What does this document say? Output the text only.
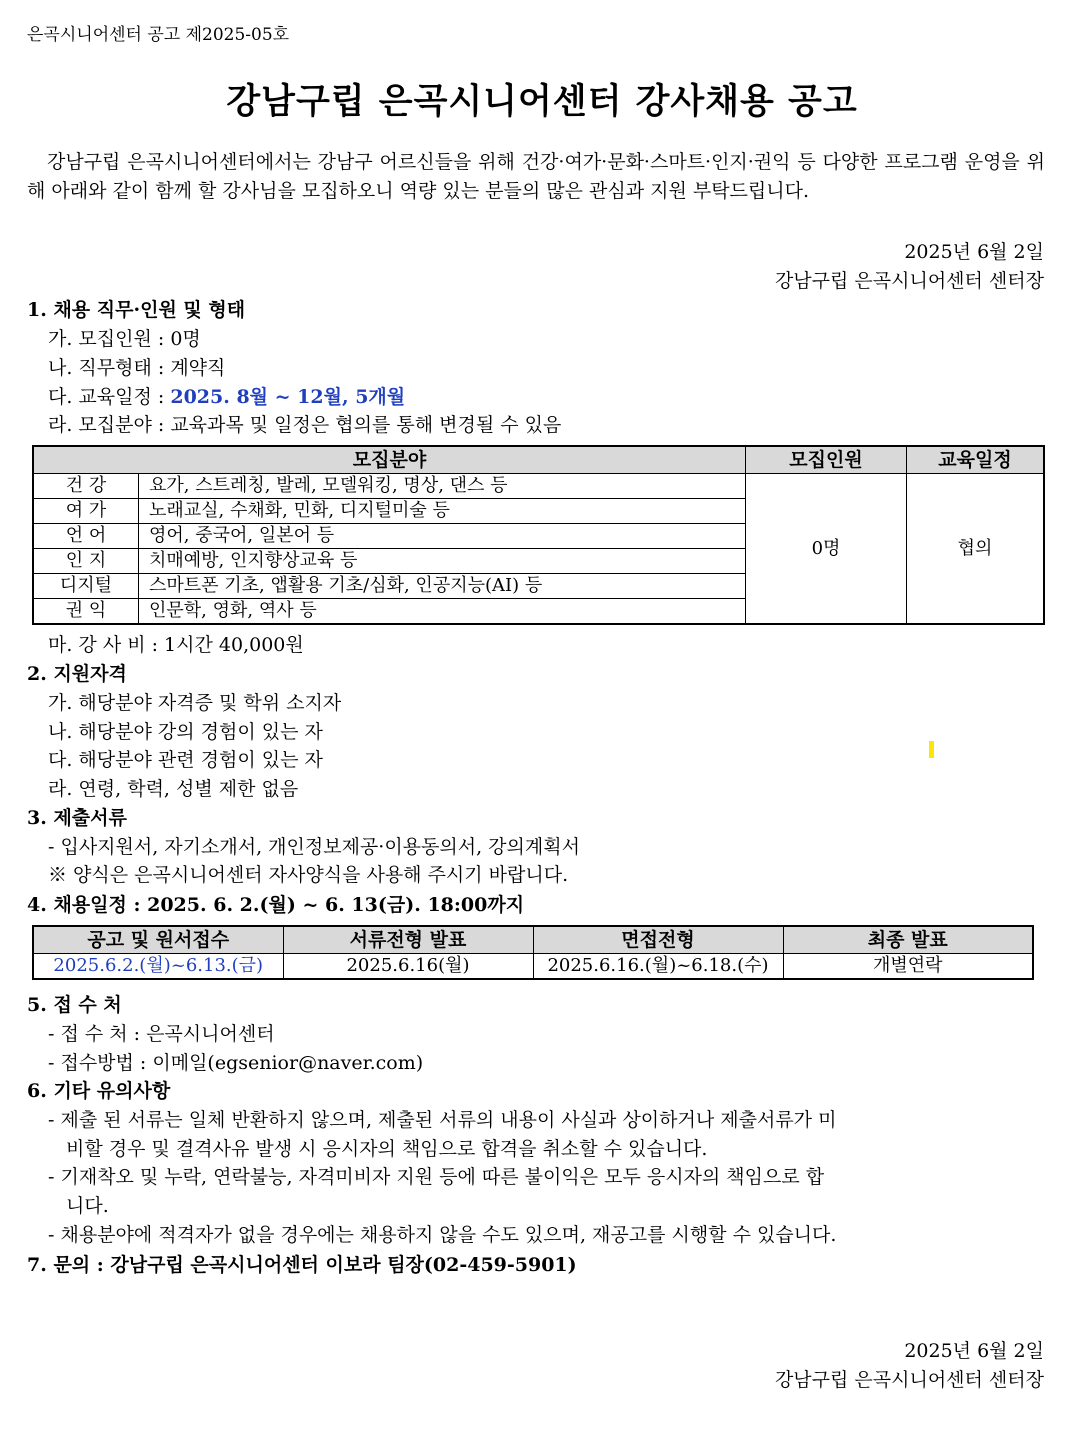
은곡시니어센터 공고 제2025-05호
강남구립 은곡시니어센터 강사채용 공고
강남구립 은곡시니어센터에서는 강남구 어르신들을 위해 건강·여가·문화·스마트·인지·권익 등 다양한 프로그램 운영을 위해 아래와 같이 함께 할 강사님을 모집하오니 역량 있는 분들의 많은 관심과 지원 부탁드립니다.
2025년 6월 2일
강남구립 은곡시니어센터 센터장
1. 채용 직무·인원 및 형태
가. 모집인원 : 0명
나. 직무형태 : 계약직
다. 교육일정 : 2025. 8월 ~ 12월, 5개월
라. 모집분야 : 교육과목 및 일정은 협의를 통해 변경될 수 있음
모집분야		모집인원	교육일정
건 강	요가, 스트레칭, 발레, 모델워킹, 명상, 댄스 등	0명	협의
여 가	노래교실, 수채화, 민화, 디지털미술 등		
언 어	영어, 중국어, 일본어 등		
인 지	치매예방, 인지향상교육 등		
디지털	스마트폰 기초, 앱활용 기초/심화, 인공지능(AI) 등		
권 익	인문학, 영화, 역사 등		
마. 강 사 비 : 1시간 40,000원
2. 지원자격
가. 해당분야 자격증 및 학위 소지자
나. 해당분야 강의 경험이 있는 자
다. 해당분야 관련 경험이 있는 자
라. 연령, 학력, 성별 제한 없음
3. 제출서류
- 입사지원서, 자기소개서, 개인정보제공·이용동의서, 강의계획서
※ 양식은 은곡시니어센터 자사양식을 사용해 주시기 바랍니다.
4. 채용일정 : 2025. 6. 2.(월) ~ 6. 13(금). 18:00까지
공고 및 원서접수	서류전형 발표	면접전형	최종 발표
2025.6.2.(월)~6.13.(금)	2025.6.16(월)	2025.6.16.(월)~6.18.(수)	개별연락
5. 접 수 처
- 접 수 처 : 은곡시니어센터
- 접수방법 : 이메일(egsenior@naver.com)
6. 기타 유의사항
- 제출 된 서류는 일체 반환하지 않으며, 제출된 서류의 내용이 사실과 상이하거나 제출서류가 미
비할 경우 및 결격사유 발생 시 응시자의 책임으로 합격을 취소할 수 있습니다.
- 기재착오 및 누락, 연락불능, 자격미비자 지원 등에 따른 불이익은 모두 응시자의 책임으로 합
니다.
- 채용분야에 적격자가 없을 경우에는 채용하지 않을 수도 있으며, 재공고를 시행할 수 있습니다.
7. 문의 : 강남구립 은곡시니어센터 이보라 팀장(02-459-5901)
2025년 6월 2일
강남구립 은곡시니어센터 센터장
